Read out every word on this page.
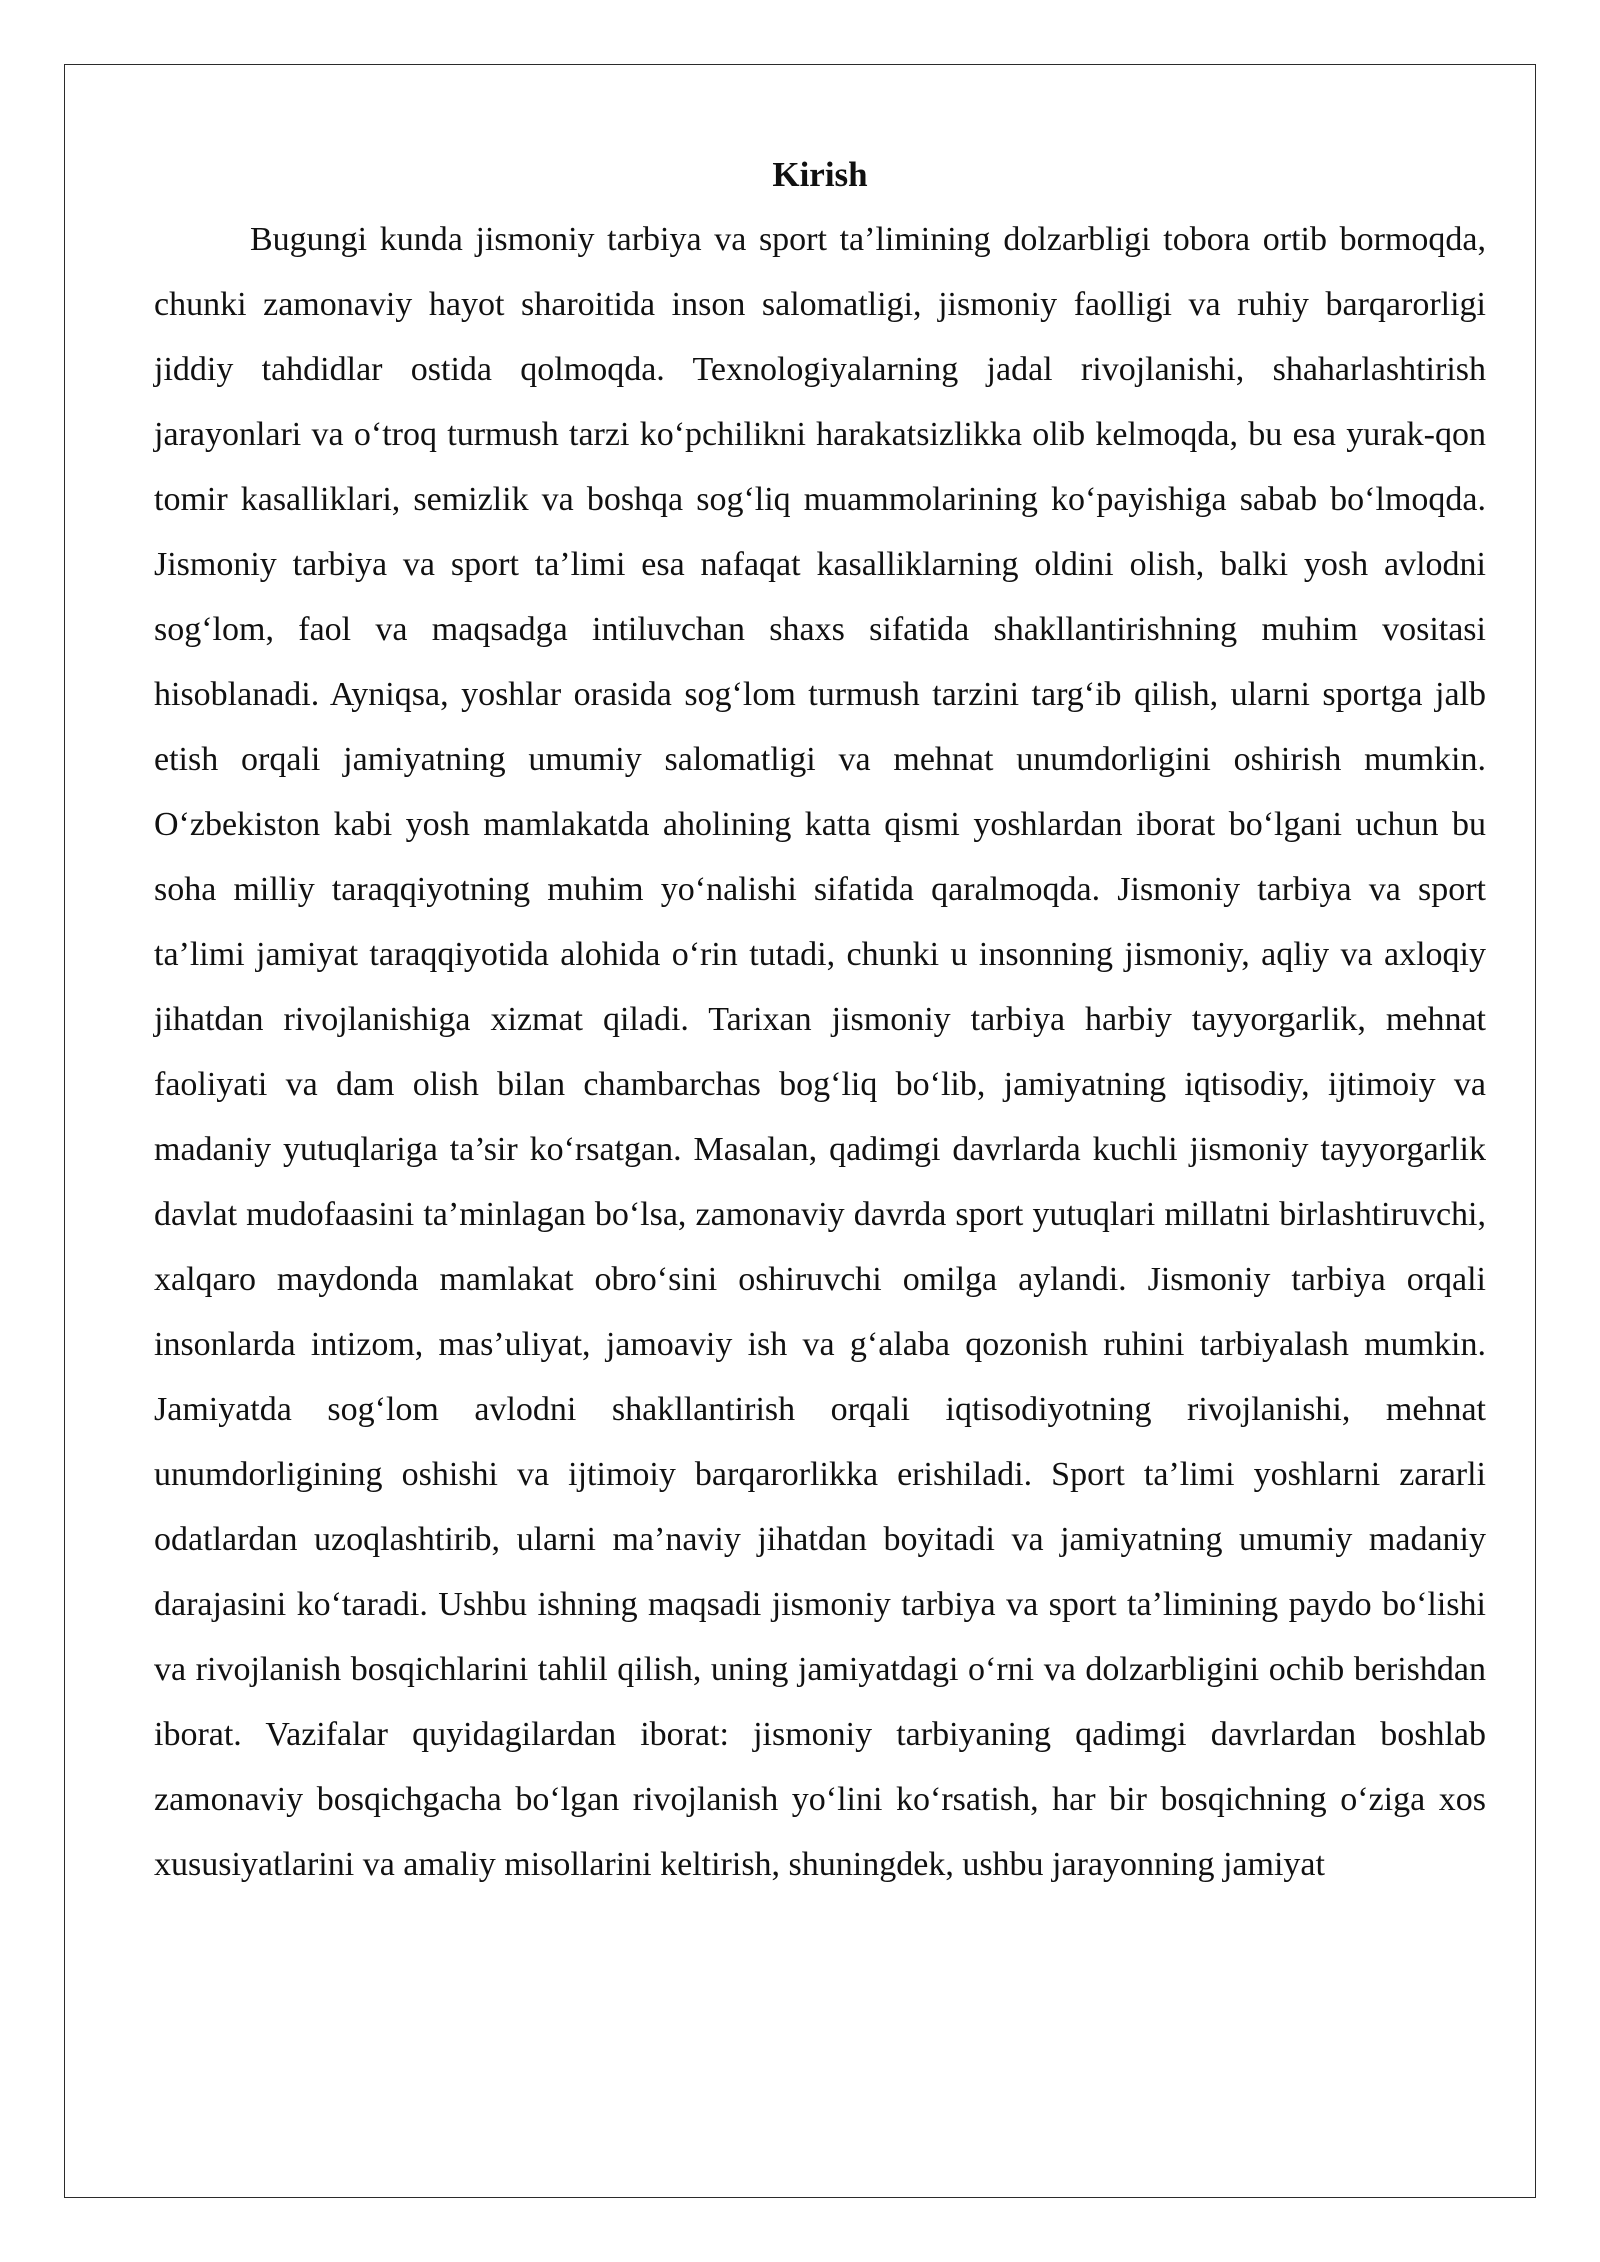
Kirish

Bugungi kunda jismoniy tarbiya va sport ta’limining dolzarbligi tobora ortib bormoqda, chunki zamonaviy hayot sharoitida inson salomatligi, jismoniy faolligi va ruhiy barqarorligi jiddiy tahdidlar ostida qolmoqda. Texnologiyalarning jadal rivojlanishi, shaharlashtirish jarayonlari va o‘troq turmush tarzi ko‘pchilikni harakatsizlikka olib kelmoqda, bu esa yurak-qon tomir kasalliklari, semizlik va boshqa sog‘liq muammolarining ko‘payishiga sabab bo‘lmoqda. Jismoniy tarbiya va sport ta’limi esa nafaqat kasalliklarning oldini olish, balki yosh avlodni sog‘lom, faol va maqsadga intiluvchan shaxs sifatida shakllantirishning muhim vositasi hisoblanadi. Ayniqsa, yoshlar orasida sog‘lom turmush tarzini targ‘ib qilish, ularni sportga jalb etish orqali jamiyatning umumiy salomatligi va mehnat unumdorligini oshirish mumkin. O‘zbekiston kabi yosh mamlakatda aholining katta qismi yoshlardan iborat bo‘lgani uchun bu soha milliy taraqqiyotning muhim yo‘nalishi sifatida qaralmoqda. Jismoniy tarbiya va sport ta’limi jamiyat taraqqiyotida alohida o‘rin tutadi, chunki u insonning jismoniy, aqliy va axloqiy jihatdan rivojlanishiga xizmat qiladi. Tarixan jismoniy tarbiya harbiy tayyorgarlik, mehnat faoliyati va dam olish bilan chambarchas bog‘liq bo‘lib, jamiyatning iqtisodiy, ijtimoiy va madaniy yutuqlariga ta’sir ko‘rsatgan. Masalan, qadimgi davrlarda kuchli jismoniy tayyorgarlik davlat mudofaasini ta’minlagan bo‘lsa, zamonaviy davrda sport yutuqlari millatni birlashtiruvchi, xalqaro maydonda mamlakat obro‘sini oshiruvchi omilga aylandi. Jismoniy tarbiya orqali insonlarda intizom, mas’uliyat, jamoaviy ish va g‘alaba qozonish ruhini tarbiyalash mumkin. Jamiyatda sog‘lom avlodni shakllantirish orqali iqtisodiyotning rivojlanishi, mehnat unumdorligining oshishi va ijtimoiy barqarorlikka erishiladi. Sport ta’limi yoshlarni zararli odatlardan uzoqlashtirib, ularni ma’naviy jihatdan boyitadi va jamiyatning umumiy madaniy darajasini ko‘taradi. Ushbu ishning maqsadi jismoniy tarbiya va sport ta’limining paydo bo‘lishi va rivojlanish bosqichlarini tahlil qilish, uning jamiyatdagi o‘rni va dolzarbligini ochib berishdan iborat. Vazifalar quyidagilardan iborat: jismoniy tarbiyaning qadimgi davrlardan boshlab zamonaviy bosqichgacha bo‘lgan rivojlanish yo‘lini ko‘rsatish, har bir bosqichning o‘ziga xos xususiyatlarini va amaliy misollarini keltirish, shuningdek, ushbu jarayonning jamiyat
